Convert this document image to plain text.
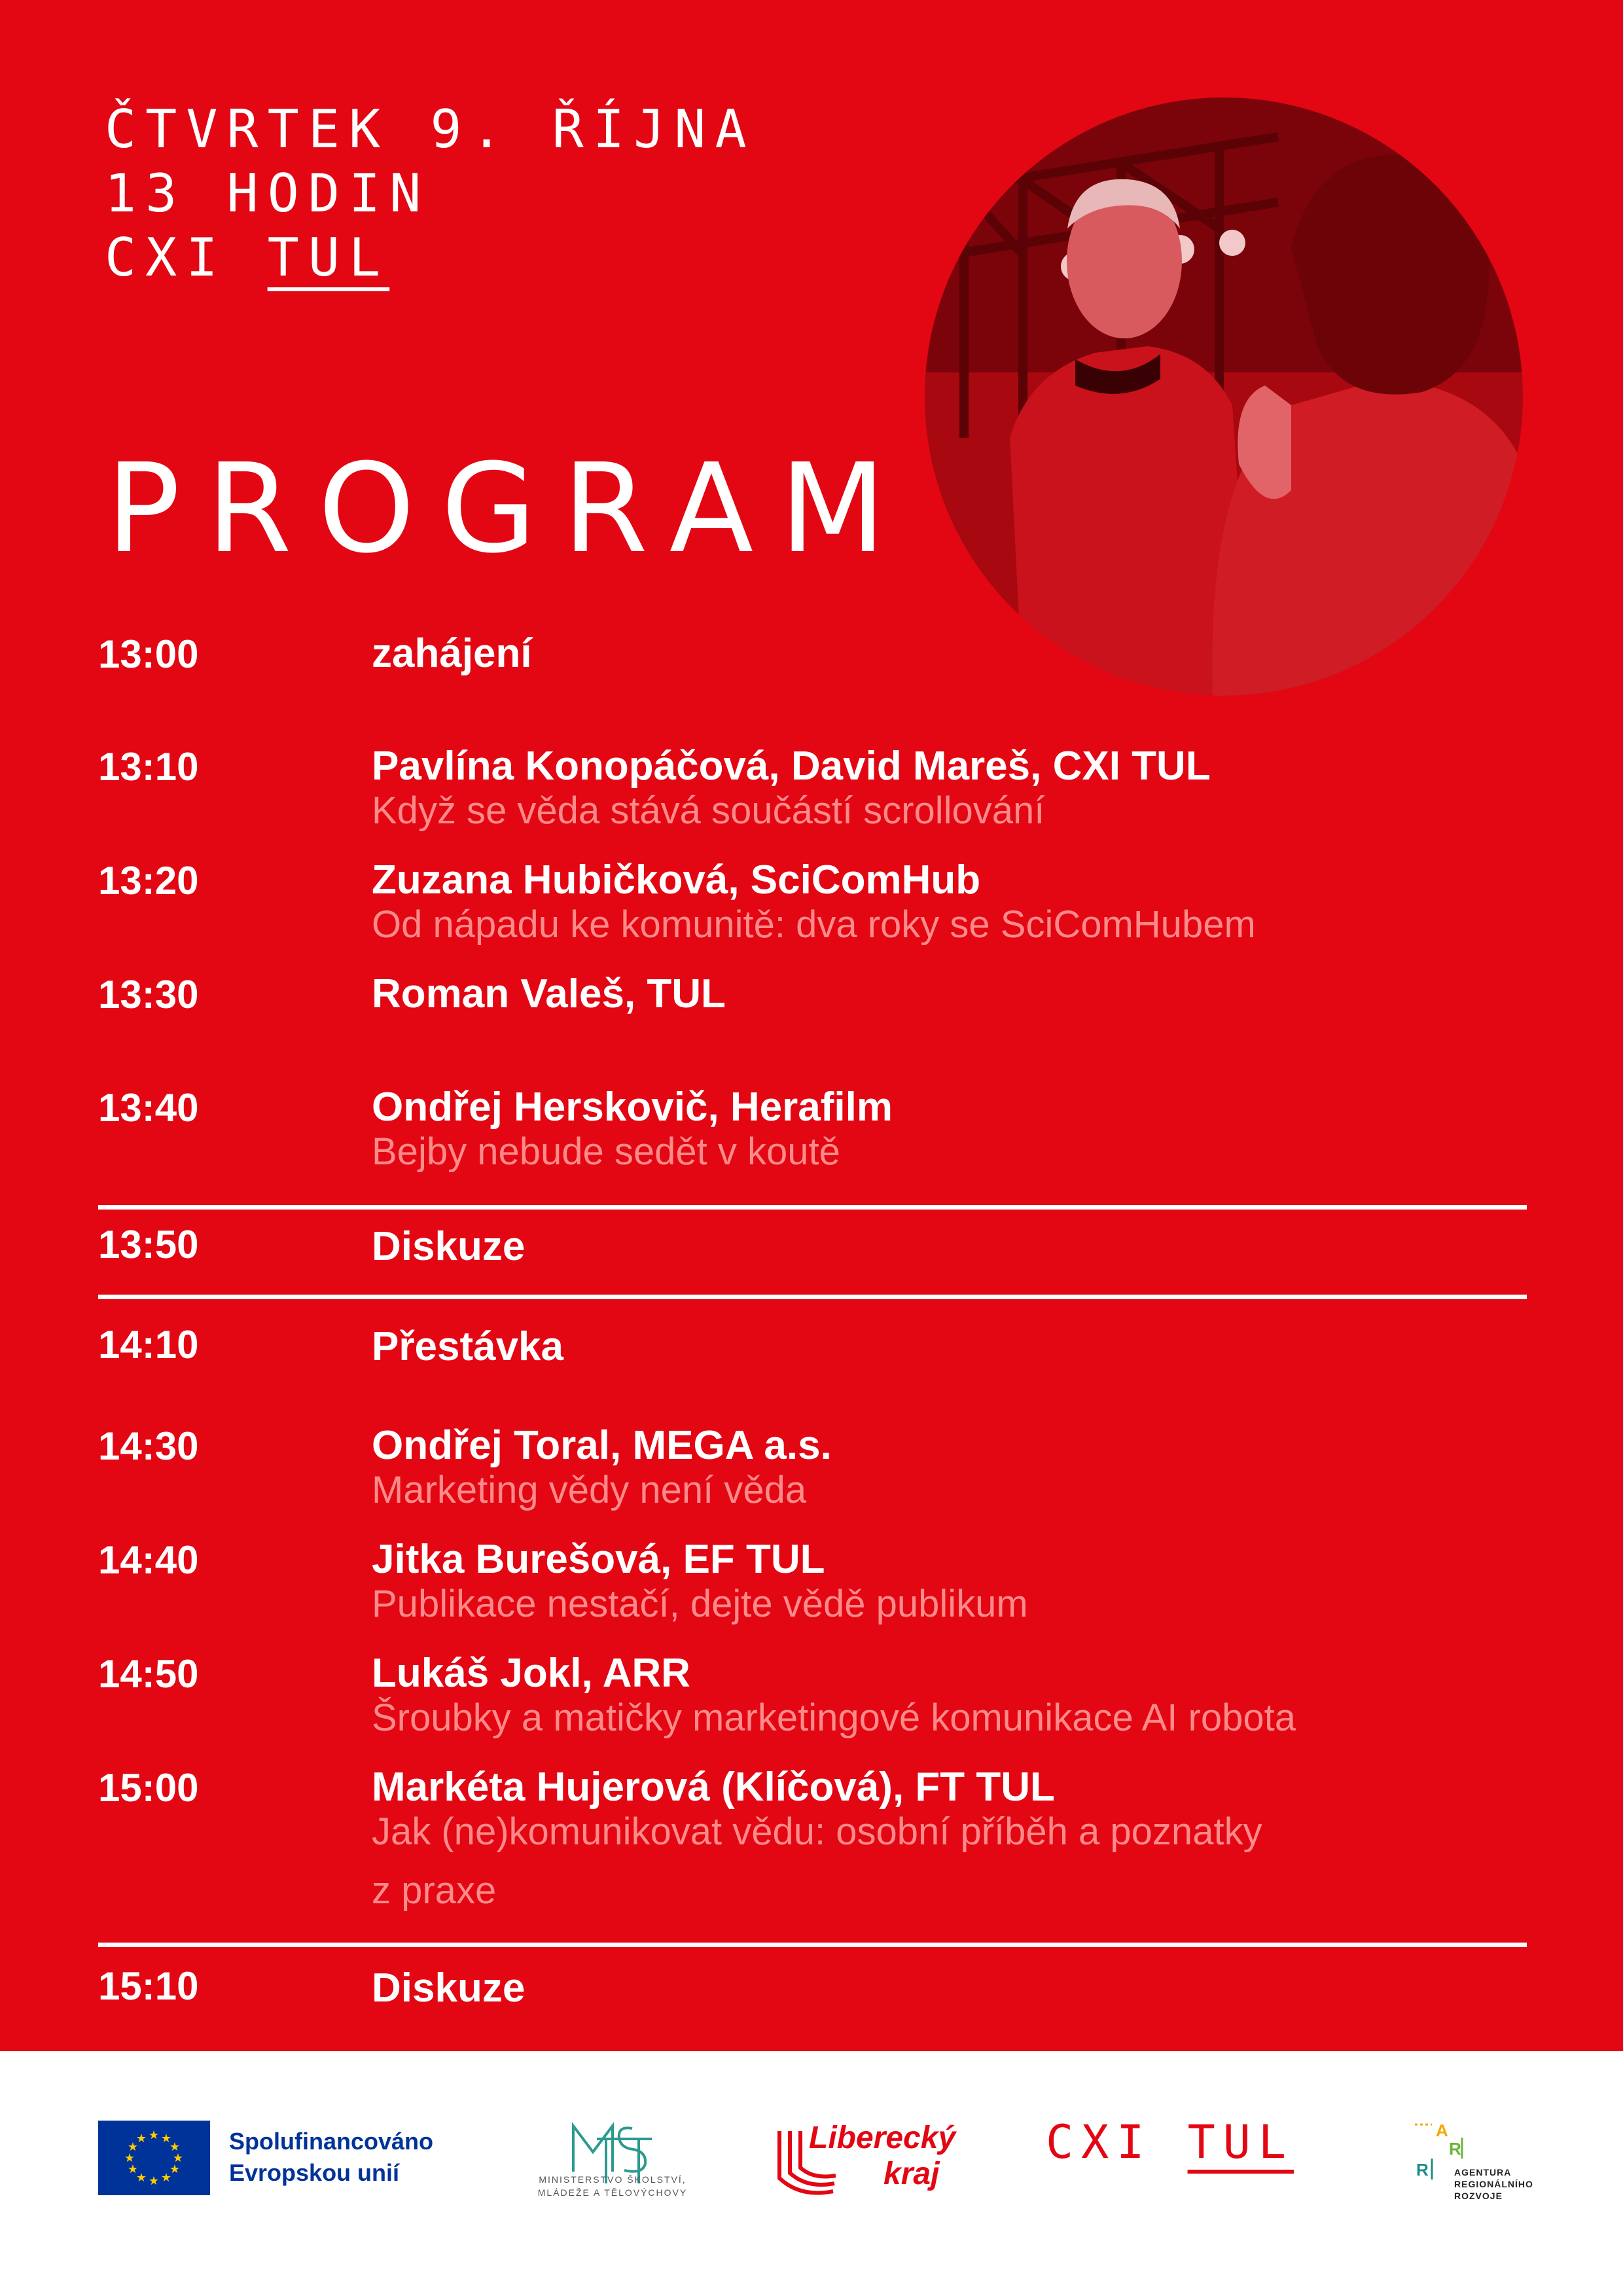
ČTVRTEK 9. ŘÍJNA
13 HODIN
CXI TUL
PROGRAM
13:00	zahájení
13:10	Pavlína Konopáčová, David Mareš, CXI TUL
Když se věda stává součástí scrollování
13:20	Zuzana Hubičková, SciComHub
Od nápadu ke komunitě: dva roky se SciComHubem
13:30	Roman Valeš, TUL
13:40	Ondřej Herskovič, Herafilm
Bejby nebude sedět v koutě
13:50	Diskuze
14:10	Přestávka
14:30	Ondřej Toral, MEGA a.s.
Marketing vědy není věda
14:40	Jitka Burešová, EF TUL
Publikace nestačí, dejte vědě publikum
14:50	Lukáš Jokl, ARR
Šroubky a matičky marketingové komunikace AI robota
15:00	Markéta Hujerová (Klíčová), FT TUL
Jak (ne)komunikovat vědu: osobní příběh a poznatky
z praxe
15:10	Diskuze
★ ★
★
★
★
★
★
★
★
★
★
★	Spolufinancováno
Evropskou unií	MINISTERSTVO ŠKOLSTVÍ,
MLÁDEŽE A TĚLOVÝCHOVY
Liberecký
kraj
CXI TUL	A
R
R	AGENTURA
REGIONÁLNÍHO
ROZVOJE
